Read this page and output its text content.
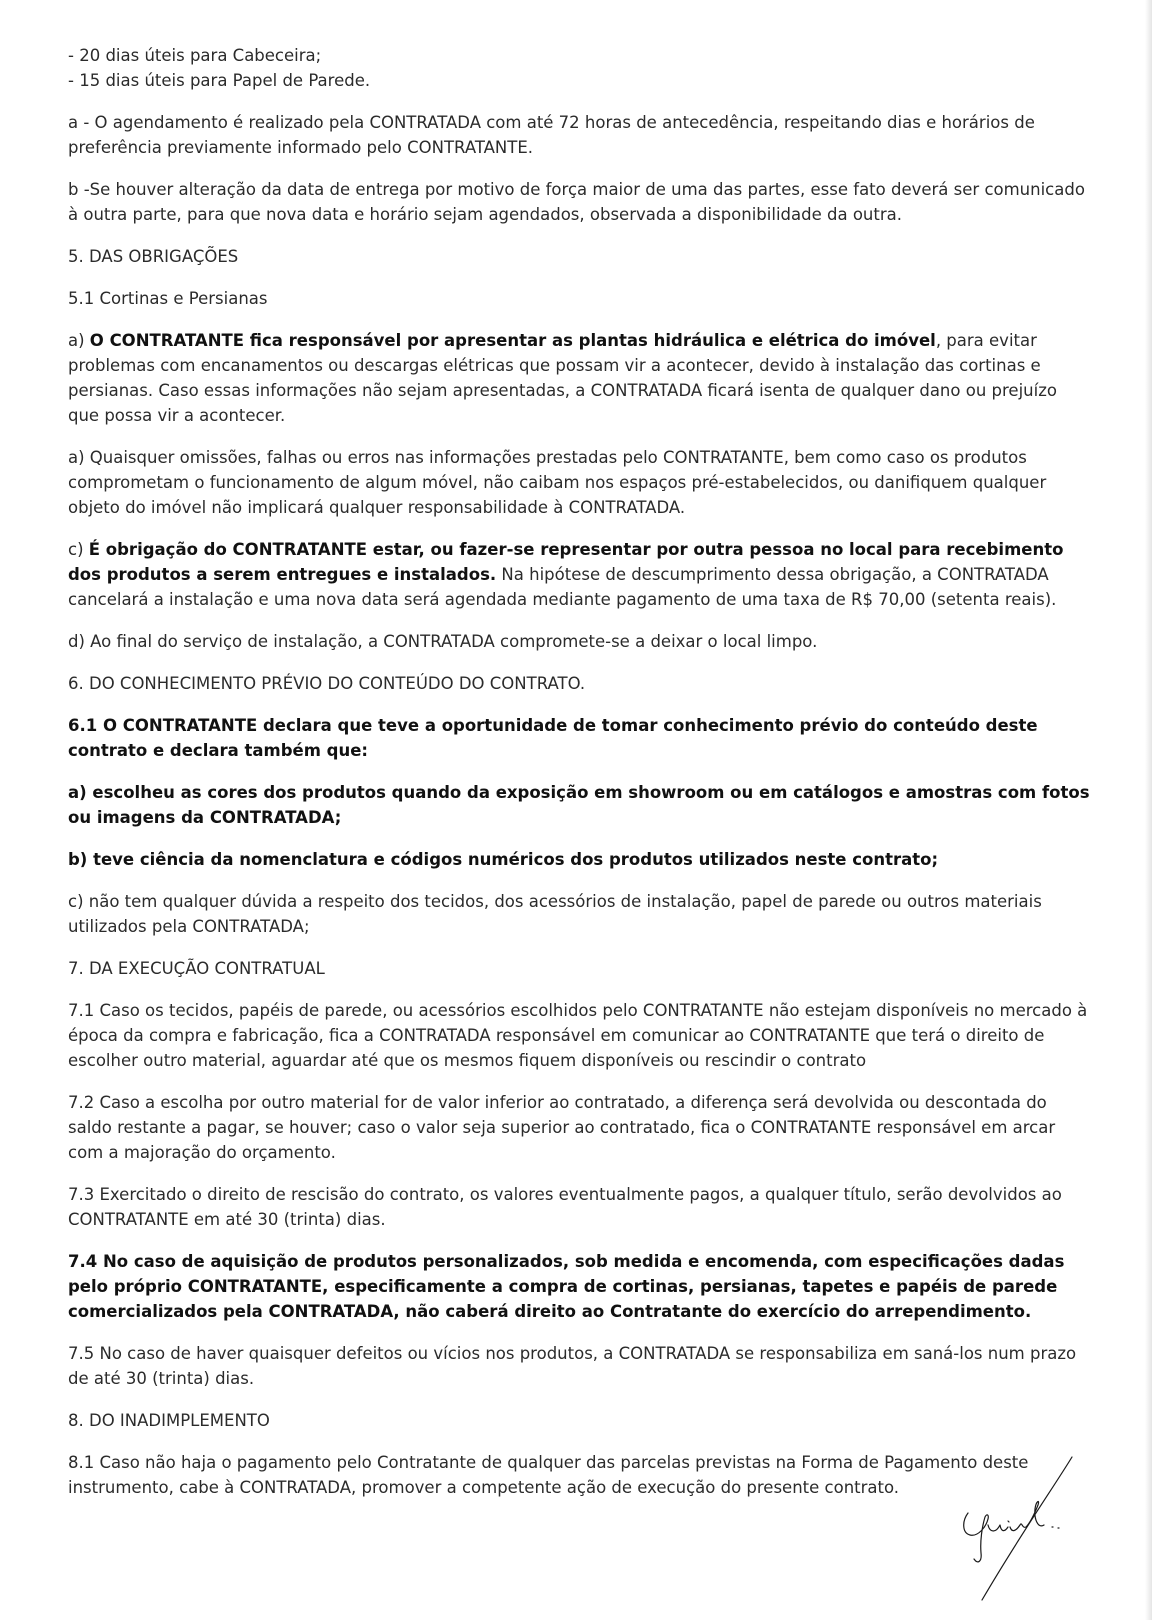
- 20 dias úteis para Cabeceira;

- 15 dias úteis para Papel de Parede.

a - O agendamento é realizado pela CONTRATADA com até 72 horas de antecedência, respeitando dias e horários de preferência previamente informado pelo CONTRATANTE.

b -Se houver alteração da data de entrega por motivo de força maior de uma das partes, esse fato deverá ser comunicado à outra parte, para que nova data e horário sejam agendados, observada a disponibilidade da outra.

5. DAS OBRIGAÇÕES

5.1 Cortinas e Persianas

a) O CONTRATANTE fica responsável por apresentar as plantas hidráulica e elétrica do imóvel, para evitar problemas com encanamentos ou descargas elétricas que possam vir a acontecer, devido à instalação das cortinas e persianas. Caso essas informações não sejam apresentadas, a CONTRATADA ficará isenta de qualquer dano ou prejuízo que possa vir a acontecer.

a) Quaisquer omissões, falhas ou erros nas informações prestadas pelo CONTRATANTE, bem como caso os produtos comprometam o funcionamento de algum móvel, não caibam nos espaços pré-estabelecidos, ou danifiquem qualquer objeto do imóvel não implicará qualquer responsabilidade à CONTRATADA.

c) É obrigação do CONTRATANTE estar, ou fazer-se representar por outra pessoa no local para recebimento dos produtos a serem entregues e instalados. Na hipótese de descumprimento dessa obrigação, a CONTRATADA cancelará a instalação e uma nova data será agendada mediante pagamento de uma taxa de R$ 70,00 (setenta reais).

d) Ao final do serviço de instalação, a CONTRATADA compromete-se a deixar o local limpo.

6. DO CONHECIMENTO PRÉVIO DO CONTEÚDO DO CONTRATO.

6.1 O CONTRATANTE declara que teve a oportunidade de tomar conhecimento prévio do conteúdo deste contrato e declara também que:

a) escolheu as cores dos produtos quando da exposição em showroom ou em catálogos e amostras com fotos ou imagens da CONTRATADA;

b) teve ciência da nomenclatura e códigos numéricos dos produtos utilizados neste contrato;

c) não tem qualquer dúvida a respeito dos tecidos, dos acessórios de instalação, papel de parede ou outros materiais utilizados pela CONTRATADA;

7. DA EXECUÇÃO CONTRATUAL

7.1 Caso os tecidos, papéis de parede, ou acessórios escolhidos pelo CONTRATANTE não estejam disponíveis no mercado à época da compra e fabricação, fica a CONTRATADA responsável em comunicar ao CONTRATANTE que terá o direito de escolher outro material, aguardar até que os mesmos fiquem disponíveis ou rescindir o contrato

7.2 Caso a escolha por outro material for de valor inferior ao contratado, a diferença será devolvida ou descontada do saldo restante a pagar, se houver; caso o valor seja superior ao contratado, fica o CONTRATANTE responsável em arcar com a majoração do orçamento.

7.3 Exercitado o direito de rescisão do contrato, os valores eventualmente pagos, a qualquer título, serão devolvidos ao CONTRATANTE em até 30 (trinta) dias.

7.4 No caso de aquisição de produtos personalizados, sob medida e encomenda, com especificações dadas pelo próprio CONTRATANTE, especificamente a compra de cortinas, persianas, tapetes e papéis de parede comercializados pela CONTRATADA, não caberá direito ao Contratante do exercício do arrependimento.

7.5 No caso de haver quaisquer defeitos ou vícios nos produtos, a CONTRATADA se responsabiliza em saná-los num prazo de até 30 (trinta) dias.

8. DO INADIMPLEMENTO

8.1 Caso não haja o pagamento pelo Contratante de qualquer das parcelas previstas na Forma de Pagamento deste instrumento, cabe à CONTRATADA, promover a competente ação de execução do presente contrato.
